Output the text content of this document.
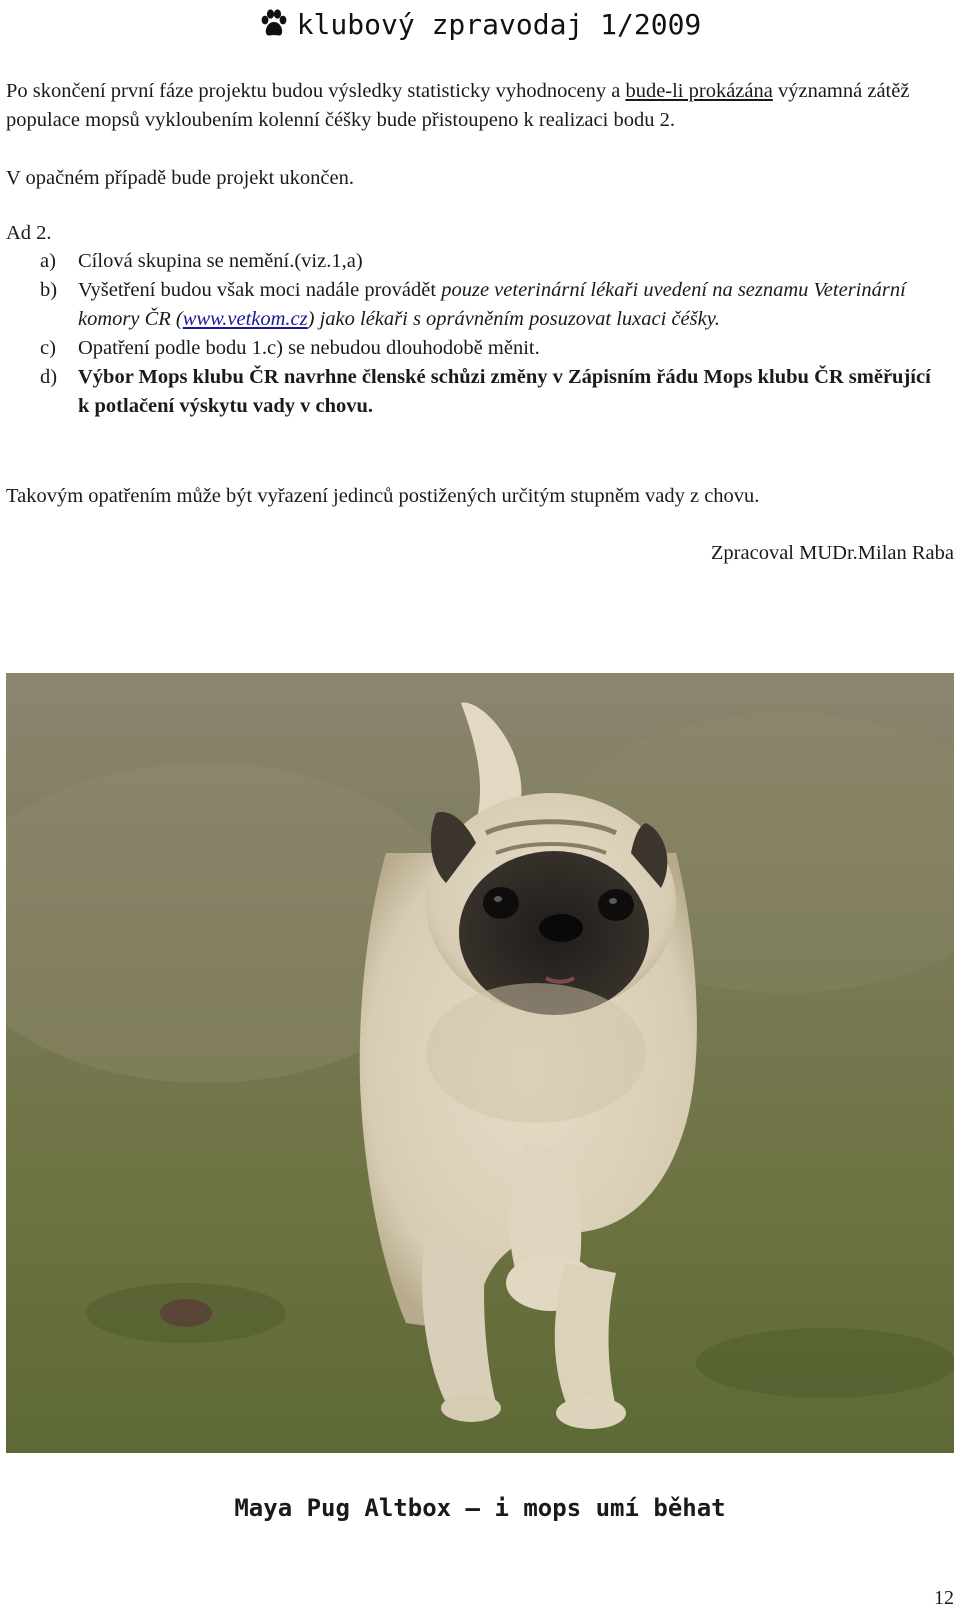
klubový zpravodaj 1/2009
Po skončení první fáze projektu budou výsledky statisticky vyhodnoceny a bude-li prokázána významná zátěž populace mopsů vykloubením kolenní čéšky bude přistoupeno k realizaci bodu 2.
V opačném případě bude projekt ukončen.
Ad 2.
a)	Cílová skupina se nemění.(viz.1,a)
b)	Vyšetření budou však moci nadále provádět pouze veterinární lékaři uvedení na seznamu Veterinární komory ČR (www.vetkom.cz) jako lékaři s oprávněním posuzovat luxaci čéšky.
c)	Opatření podle bodu 1.c) se nebudou dlouhodobě měnit.
d)	Výbor Mops klubu ČR navrhne členské schůzi změny v Zápisním řádu Mops klubu ČR směřující k potlačení výskytu vady v chovu.
Takovým opatřením může být vyřazení jedinců postižených určitým stupněm vady z chovu.
Zpracoval MUDr.Milan Raba
Maya Pug Altbox – i mops umí běhat
12
